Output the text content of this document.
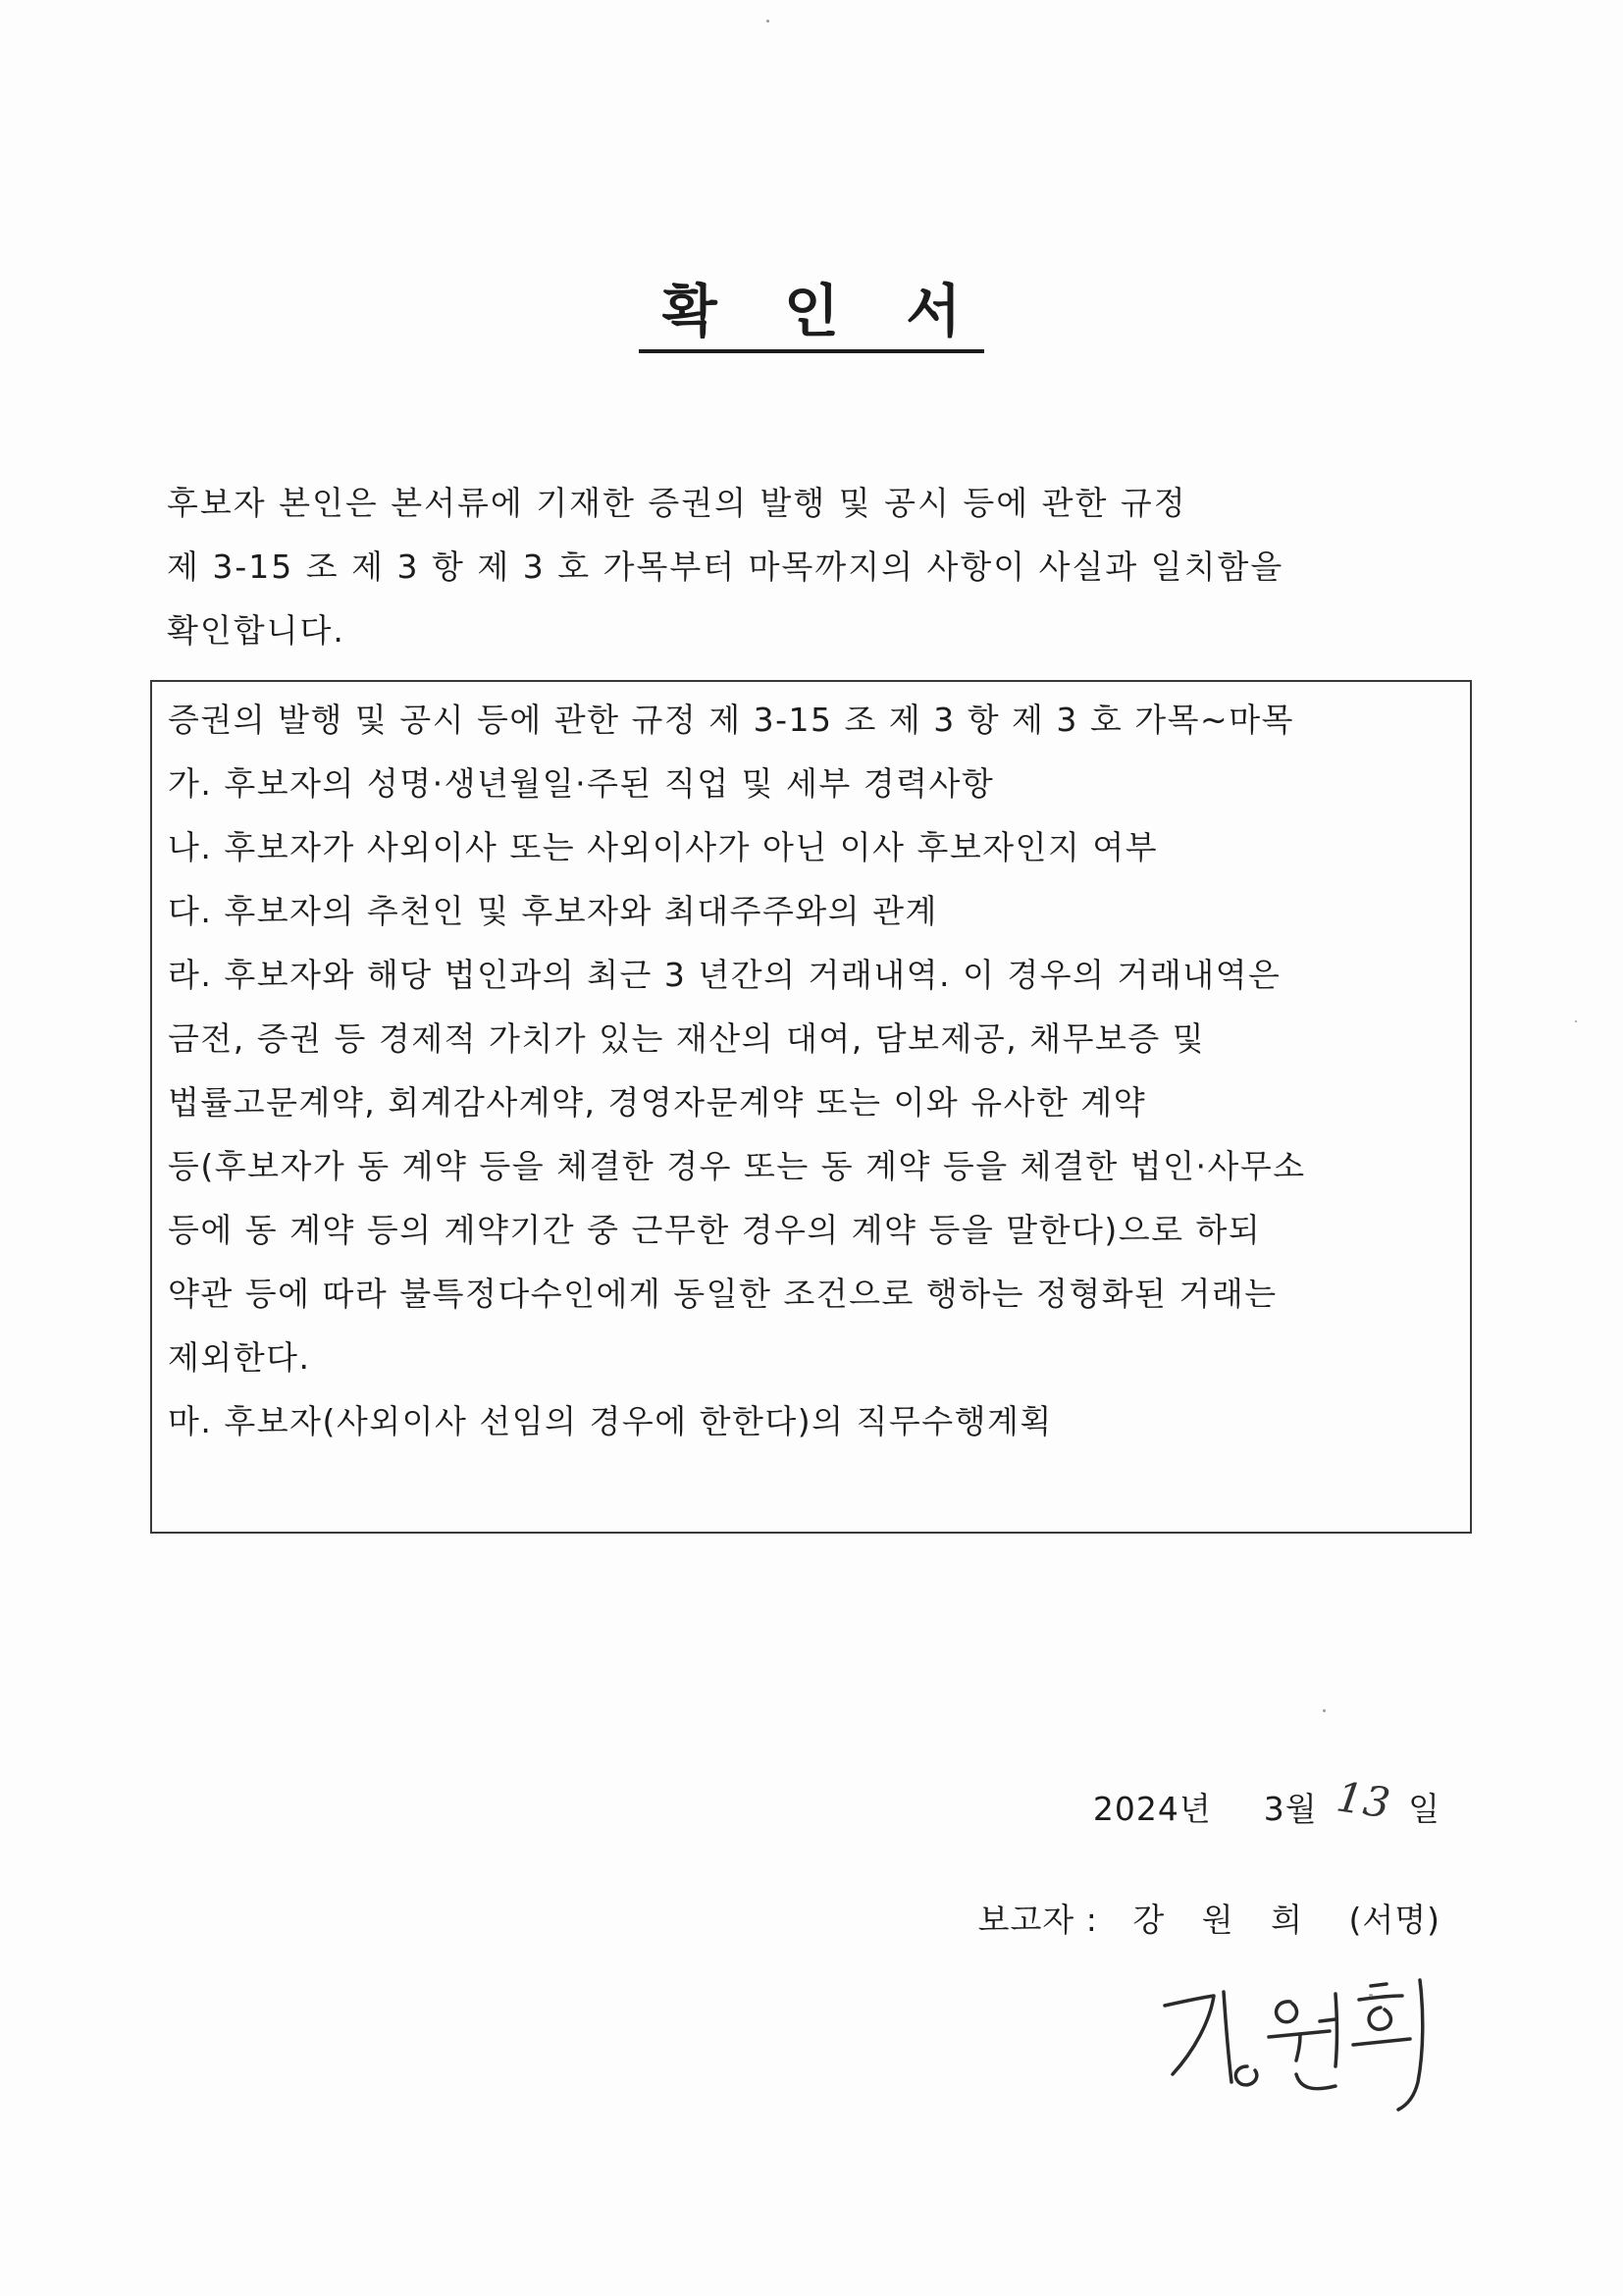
확 인 서
후보자 본인은 본서류에 기재한 증권의 발행 및 공시 등에 관한 규정
제 3-15 조 제 3 항 제 3 호 가목부터 마목까지의 사항이 사실과 일치함을
확인합니다.
증권의 발행 및 공시 등에 관한 규정 제 3-15 조 제 3 항 제 3 호 가목~마목
가. 후보자의 성명·생년월일·주된 직업 및 세부 경력사항
나. 후보자가 사외이사 또는 사외이사가 아닌 이사 후보자인지 여부
다. 후보자의 추천인 및 후보자와 최대주주와의 관계
라. 후보자와 해당 법인과의 최근 3 년간의 거래내역. 이 경우의 거래내역은
금전, 증권 등 경제적 가치가 있는 재산의 대여, 담보제공, 채무보증 및
법률고문계약, 회계감사계약, 경영자문계약 또는 이와 유사한 계약
등(후보자가 동 계약 등을 체결한 경우 또는 동 계약 등을 체결한 법인·사무소
등에 동 계약 등의 계약기간 중 근무한 경우의 계약 등을 말한다)으로 하되
약관 등에 따라 불특정다수인에게 동일한 조건으로 행하는 정형화된 거래는
제외한다.
마. 후보자(사외이사 선임의 경우에 한한다)의 직무수행계획
2024년 3월 13 일
보고자 : 강 원 희 (서명)
